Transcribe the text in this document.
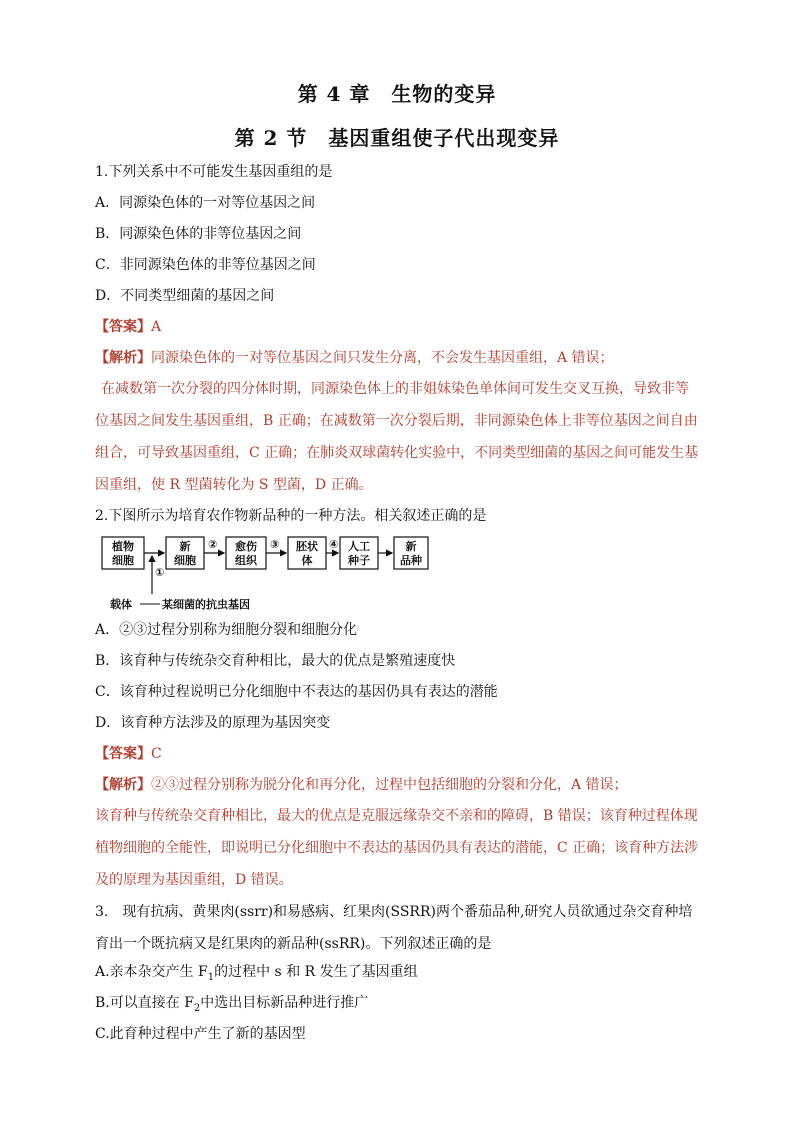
第 4 章　生物的变异
第 2 节　基因重组使子代出现变异
1.下列关系中不可能发生基因重组的是
A．同源染色体的一对等位基因之间
B．同源染色体的非等位基因之间
C．非同源染色体的非等位基因之间
D．不同类型细菌的基因之间
【答案】A
【解析】同源染色体的一对等位基因之间只发生分离，不会发生基因重组，A 错误；
在减数第一次分裂的四分体时期，同源染色体上的非姐妹染色单体间可发生交叉互换，导致非等位基因之间发生基因重组，B 正确；在减数第一次分裂后期，非同源染色体上非等位基因之间自由组合，可导致基因重组，C 正确；在肺炎双球菌转化实验中，不同类型细菌的基因之间可能发生基因重组，使 R 型菌转化为 S 型菌，D 正确。
2.下图所示为培育农作物新品种的一种方法。相关叙述正确的是
植物
细胞
新
细胞
② 愈伤
组织
③ 胚状
体
④ 人工
种子
新
品种
①
载体	某细菌的抗虫基因
A．②③过程分别称为细胞分裂和细胞分化
B．该育种与传统杂交育种相比，最大的优点是繁殖速度快
C．该育种过程说明已分化细胞中不表达的基因仍具有表达的潜能
D．该育种方法涉及的原理为基因突变
【答案】C
【解析】②③过程分别称为脱分化和再分化，过程中包括细胞的分裂和分化，A 错误；
该育种与传统杂交育种相比，最大的优点是克服远缘杂交不亲和的障碍，B 错误；该育种过程体现植物细胞的全能性，即说明已分化细胞中不表达的基因仍具有表达的潜能，C 正确；该育种方法涉及的原理为基因重组，D 错误。
3.　现有抗病、黄果肉(ssrr)和易感病、红果肉(SSRR)两个番茄品种,研究人员欲通过杂交育种培育出一个既抗病又是红果肉的新品种(ssRR)。下列叙述正确的是
A.亲本杂交产生 $F_1$的过程中 s 和 R 发生了基因重组
B.可以直接在 $F_2$中选出目标新品种进行推广
C.此育种过程中产生了新的基因型
